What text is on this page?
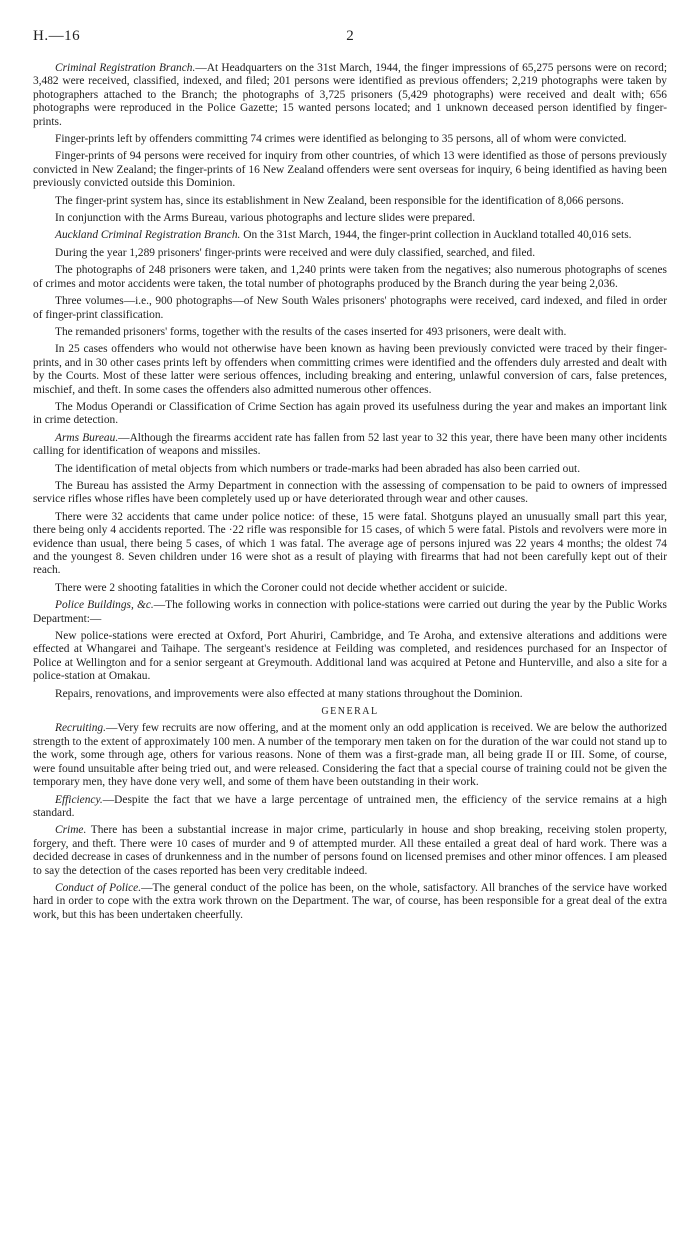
H.—16	2

Criminal Registration Branch.—At Headquarters on the 31st March, 1944, the finger impressions of 65,275 persons were on record; 3,482 were received, classified, indexed, and filed; 201 persons were identified as previous offenders; 2,219 photographs were taken by photographers attached to the Branch; the photographs of 3,725 prisoners (5,429 photographs) were received and dealt with; 656 photographs were reproduced in the Police Gazette; 15 wanted persons located; and 1 unknown deceased person identified by finger-prints.

Finger-prints left by offenders committing 74 crimes were identified as belonging to 35 persons, all of whom were convicted.

Finger-prints of 94 persons were received for inquiry from other countries, of which 13 were identified as those of persons previously convicted in New Zealand; the finger-prints of 16 New Zealand offenders were sent overseas for inquiry, 6 being identified as having been previously convicted outside this Dominion.

The finger-print system has, since its establishment in New Zealand, been responsible for the identification of 8,066 persons.

In conjunction with the Arms Bureau, various photographs and lecture slides were prepared.

Auckland Criminal Registration Branch. On the 31st March, 1944, the finger-print collection in Auckland totalled 40,016 sets.

During the year 1,289 prisoners' finger-prints were received and were duly classified, searched, and filed.

The photographs of 248 prisoners were taken, and 1,240 prints were taken from the negatives; also numerous photographs of scenes of crimes and motor accidents were taken, the total number of photographs produced by the Branch during the year being 2,036.

Three volumes—i.e., 900 photographs—of New South Wales prisoners' photographs were received, card indexed, and filed in order of finger-print classification.

The remanded prisoners' forms, together with the results of the cases inserted for 493 prisoners, were dealt with.

In 25 cases offenders who would not otherwise have been known as having been previously convicted were traced by their finger-prints, and in 30 other cases prints left by offenders when committing crimes were identified and the offenders duly arrested and dealt with by the Courts. Most of these latter were serious offences, including breaking and entering, unlawful conversion of cars, false pretences, mischief, and theft. In some cases the offenders also admitted numerous other offences.

The Modus Operandi or Classification of Crime Section has again proved its usefulness during the year and makes an important link in crime detection.

Arms Bureau.—Although the firearms accident rate has fallen from 52 last year to 32 this year, there have been many other incidents calling for identification of weapons and missiles.

The identification of metal objects from which numbers or trade-marks had been abraded has also been carried out.

The Bureau has assisted the Army Department in connection with the assessing of compensation to be paid to owners of impressed service rifles whose rifles have been completely used up or have deteriorated through wear and other causes.

There were 32 accidents that came under police notice: of these, 15 were fatal. Shotguns played an unusually small part this year, there being only 4 accidents reported. The ·22 rifle was responsible for 15 cases, of which 5 were fatal. Pistols and revolvers were more in evidence than usual, there being 5 cases, of which 1 was fatal. The average age of persons injured was 22 years 4 months; the oldest 74 and the youngest 8. Seven children under 16 were shot as a result of playing with firearms that had not been carefully kept out of their reach.

There were 2 shooting fatalities in which the Coroner could not decide whether accident or suicide.

Police Buildings, &c.—The following works in connection with police-stations were carried out during the year by the Public Works Department:—

New police-stations were erected at Oxford, Port Ahuriri, Cambridge, and Te Aroha, and extensive alterations and additions were effected at Whangarei and Taihape. The sergeant's residence at Feilding was completed, and residences purchased for an Inspector of Police at Wellington and for a senior sergeant at Greymouth. Additional land was acquired at Petone and Hunterville, and also a site for a police-station at Omakau.

Repairs, renovations, and improvements were also effected at many stations throughout the Dominion.

GENERAL

Recruiting.—Very few recruits are now offering, and at the moment only an odd application is received. We are below the authorized strength to the extent of approximately 100 men. A number of the temporary men taken on for the duration of the war could not stand up to the work, some through age, others for various reasons. None of them was a first-grade man, all being grade II or III. Some, of course, were found unsuitable after being tried out, and were released. Considering the fact that a special course of training could not be given the temporary men, they have done very well, and some of them have been outstanding in their work.

Efficiency.—Despite the fact that we have a large percentage of untrained men, the efficiency of the service remains at a high standard.

Crime. There has been a substantial increase in major crime, particularly in house and shop breaking, receiving stolen property, forgery, and theft. There were 10 cases of murder and 9 of attempted murder. All these entailed a great deal of hard work. There was a decided decrease in cases of drunkenness and in the number of persons found on licensed premises and other minor offences. I am pleased to say the detection of the cases reported has been very creditable indeed.

Conduct of Police.—The general conduct of the police has been, on the whole, satisfactory. All branches of the service have worked hard in order to cope with the extra work thrown on the Department. The war, of course, has been responsible for a great deal of the extra work, but this has been undertaken cheerfully.
